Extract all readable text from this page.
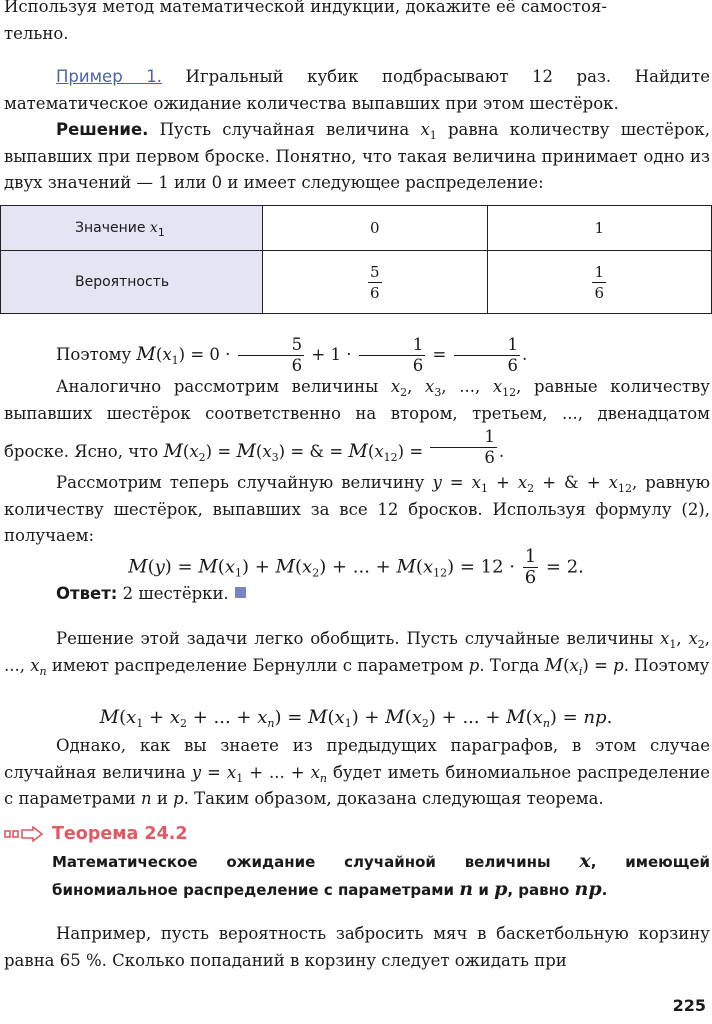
Используя метод математической индукции, докажите её самостоя-
тельно.

Пример 1. Игральный кубик подбрасывают 12 раз. Найдите математическое ожидание количества выпавших при этом шестёрок.

Решение. Пусть случайная величина $x_1$ равна количеству шестёрок, выпавших при первом броске. Понятно, что такая величина принимает одно из двух значений — 1 или 0 и имеет следующее распределение:

Значение $x_1$	0	1
Вероятность	$\frac{5}{6}$	$\frac{1}{6}$

Поэтому $M(x_1) = 0 \cdot \frac{5}{6} + 1 \cdot \frac{1}{6} = \frac{1}{6}$ .

Аналогично рассмотрим величины $x_2$, $x_3$, ..., $x_{12}$, равные количеству выпавших шестёрок соответственно на втором, третьем, ..., двенадцатом броске. Ясно, что $M(x_2) = M(x_3)$ = & = $M(x_{12}) = \frac{1}{6}$ .

Рассмотрим теперь случайную величину $y = x_1 + x_2$ + & + $x_{12}$, равную количеству шестёрок, выпавших за все 12 бросков. Используя формулу (2), получаем:

$M(y) = M(x_1) + M(x_2)$ + ... + $M(x_{12}) = 12 \cdot \frac{1}{6} = 2$.

Ответ: 2 шестёрки.

Решение этой задачи легко обобщить. Пусть случайные величины $x_1$, $x_2$, ..., $x_n$ имеют распределение Бернулли с параметром p. Тогда $M(x_i) = p$. Поэтому

$M(x_1 + x_2$ + ... + $x_n) = M(x_1) + M(x_2)$ + ... + $M(x_n)$ = np.

Однако, как вы знаете из предыдущих параграфов, в этом случае случайная величина $y = x_1$ + ... + $x_n$ будет иметь биномиальное распределение с параметрами n и p. Таким образом, доказана следующая теорема.

Теорема 24.2
Математическое ожидание случайной величины x, имеющей биномиальное распределение с параметрами n и p, равно np.

Например, пусть вероятность забросить мяч в баскетбольную корзину равна 65 %. Сколько попаданий в корзину следует ожидать при

225
